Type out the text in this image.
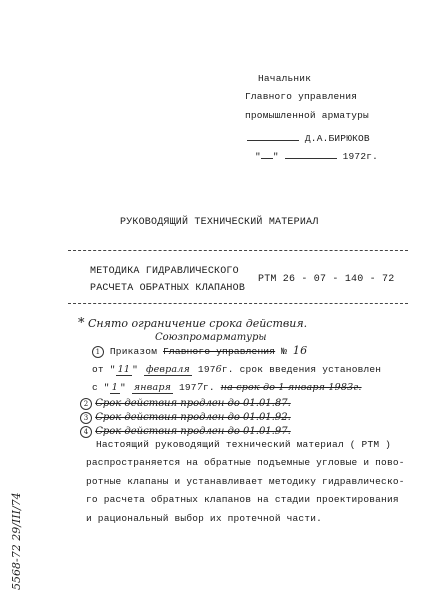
Начальник
Главного управления
промышленной арматуры
Д.А.БИРЮКОВ
" "	1972г.
РУКОВОДЯЩИЙ ТЕХНИЧЕСКИЙ МАТЕРИАЛ
МЕТОДИКА ГИДРАВЛИЧЕСКОГО
РАСЧЕТА ОБРАТНЫХ КЛАПАНОВ
РТМ 26 - 07 - 140 - 72
* Снято ограничение срока действия.
Союзпромарматуры
1 Приказом Главного управления № 16
от " 11 " февраля 1976г. срок введения установлен
с " 1 " января 1977г. на срок до 1 января 1983г.
2 Срок действия продлен до 01.01.87.
3 Срок действия продлен до 01.01.92.
4 Срок действия продлен до 01.01.97.
Настоящий руководящий технический материал ( РТМ )
распространяется на обратные подъемные угловые и пово-
ротные клапаны и устанавливает методику гидравлическо-
го расчета обратных клапанов на стадии проектирования
и рациональный выбор их протечной части.
5568-72 29/III/74
